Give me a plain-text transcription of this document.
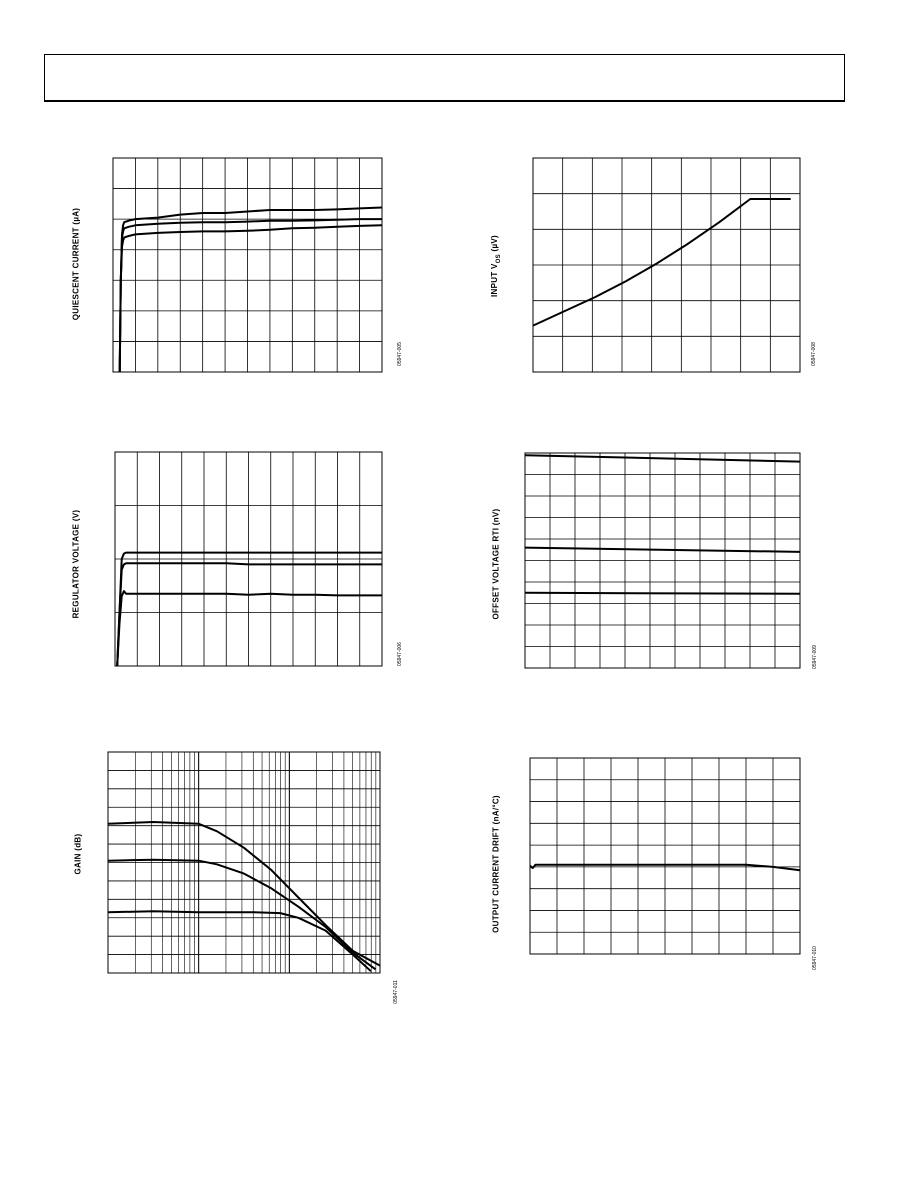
QUIESCENT CURRENT (µA)
05947-005
INPUT $V_{OS}$ (µV)
05947-008
REGULATOR VOLTAGE (V)
05947-006
OFFSET VOLTAGE RTI (nV)
05947-009
GAIN (dB)
05947-011
OUTPUT CURRENT DRIFT (nA/°C)
05947-010
